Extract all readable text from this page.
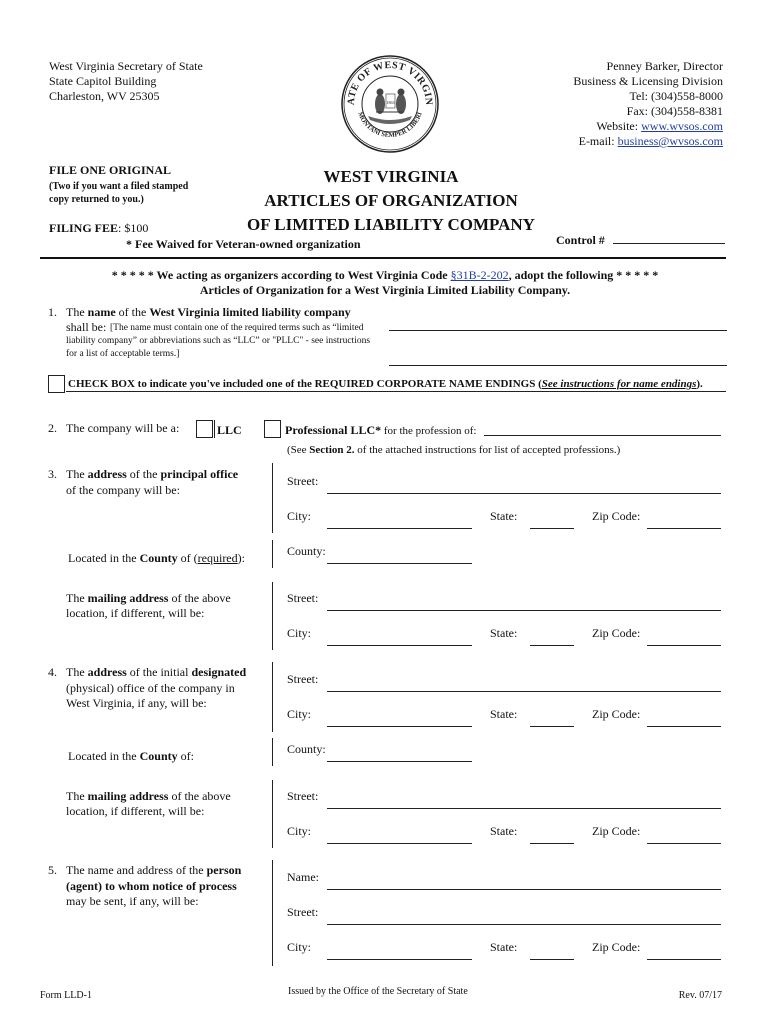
West Virginia Secretary of State
State Capitol Building
Charleston, WV 25305	ATE OF WEST VIRGIN
MONTANI SEMPER LIBERI
1863
Penney Barker, Director
Business & Licensing Division
Tel: (304)558-8000
Fax: (304)558-8381
Website: www.wvsos.com
E-mail: business@wvsos.com
FILE ONE ORIGINAL
(Two if you want a filed stamped
copy returned to you.)
FILING FEE: $100
* Fee Waived for Veteran-owned organization
WEST VIRGINIA
ARTICLES OF ORGANIZATION
OF LIMITED LIABILITY COMPANY
Control #
* * * * * We acting as organizers according to West Virginia Code §31B-2-202, adopt the following * * * * *
Articles of Organization for a West Virginia Limited Liability Company.
1. The name of the West Virginia limited liability company
shall be: [The name must contain one of the required terms such as “limited
liability company” or abbreviations such as “LLC” or "PLLC" - see instructions
for a list of acceptable terms.]
CHECK BOX to indicate you've included one of the REQUIRED CORPORATE NAME ENDINGS (See instructions for name endings).
2. The company will be a:	LLC	Professional LLC* for the profession of:
(See Section 2. of the attached instructions for list of accepted professions.)
3. The address of the principal office
of the company will be:
Street:
City:	State:	Zip Code:
Located in the County of (required):	County:
The mailing address of the above
location, if different, will be:
Street:
City:	State:	Zip Code:
4. The address of the initial designated
(physical) office of the company in
West Virginia, if any, will be:
Street:
City:	State:	Zip Code:
Located in the County of:	County:
The mailing address of the above
location, if different, will be:
Street:
City:	State:	Zip Code:
5. The name and address of the person
(agent) to whom notice of process
may be sent, if any, will be:
Name:
Street:
City:	State:	Zip Code:
Form LLD-1	Issued by the Office of the Secretary of State	Rev. 07/17
